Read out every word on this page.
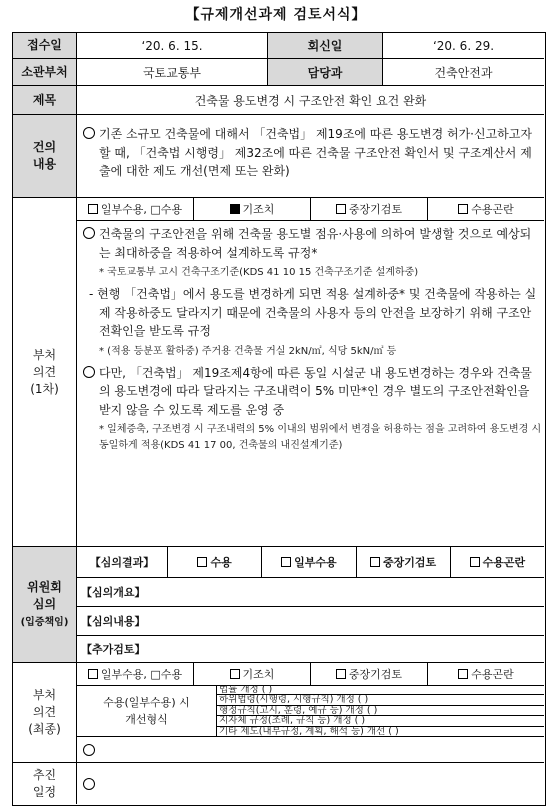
【규제개선과제 검토서식】
접수일	‘20. 6. 15.	회신일	‘20. 6. 29.
소관부처	국토교통부	담당과	건축안전과
제목	건축물 용도변경 시 구조안전 확인 요건 완화
건의
내용
기존 소규모 건축물에 대해서 「건축법」 제19조에 따른 용도변경 허가·신고하고자 할 때, 「건축법 시행령」 제32조에 따른 건축물 구조안전 확인서 및 구조계산서 제출에 대한 제도 개선(면제 또는 완화)
부처
의견
(1차)
일부수용, □수용	기조치	중장기검토	수용곤란
건축물의 구조안전을 위해 건축물 용도별 점유·사용에 의하여 발생할 것으로 예상되는 최대하중을 적용하여 설계하도록 규정*
* 국토교통부 고시 건축구조기준(KDS 41 10 15 건축구조기준 설계하중)
- 현행 「건축법」에서 용도를 변경하게 되면 적용 설계하중* 및 건축물에 작용하는 실제 작용하중도 달라지기 때문에 건축물의 사용자 등의 안전을 보장하기 위해 구조안전확인을 받도록 규정
* (적용 등분포 활하중) 주거용 건축물 거실 2kN/㎡, 식당 5kN/㎡ 등
다만, 「건축법」 제19조제4항에 따른 동일 시설군 내 용도변경하는 경우와 건축물의 용도변경에 따라 달라지는 구조내력이 5% 미만*인 경우 별도의 구조안전확인을 받지 않을 수 있도록 제도를 운영 중
* 일체증축, 구조변경 시 구조내력의 5% 이내의 범위에서 변경을 허용하는 점을 고려하여 용도변경 시 동일하게 적용(KDS 41 17 00, 건축물의 내진설계기준)
위원회
심의
(입증책임)
【심의결과】	수용	일부수용	중장기검토	수용곤란
【심의개요】
【심의내용】
【추가검토】
부처
의견
(최종)
일부수용, □수용	기조치	중장기검토	수용곤란
수용(일부수용) 시
개선형식
법률 개정 ( )
하위법령(시행령, 시행규칙) 개정 ( )
행정규칙(고시, 훈령, 예규 등) 개정 ( )
지자체 규정(조례, 규칙 등) 개정 ( )
기타 제도(내부규정, 계획, 해석 등) 개선 ( )
추진
일정
